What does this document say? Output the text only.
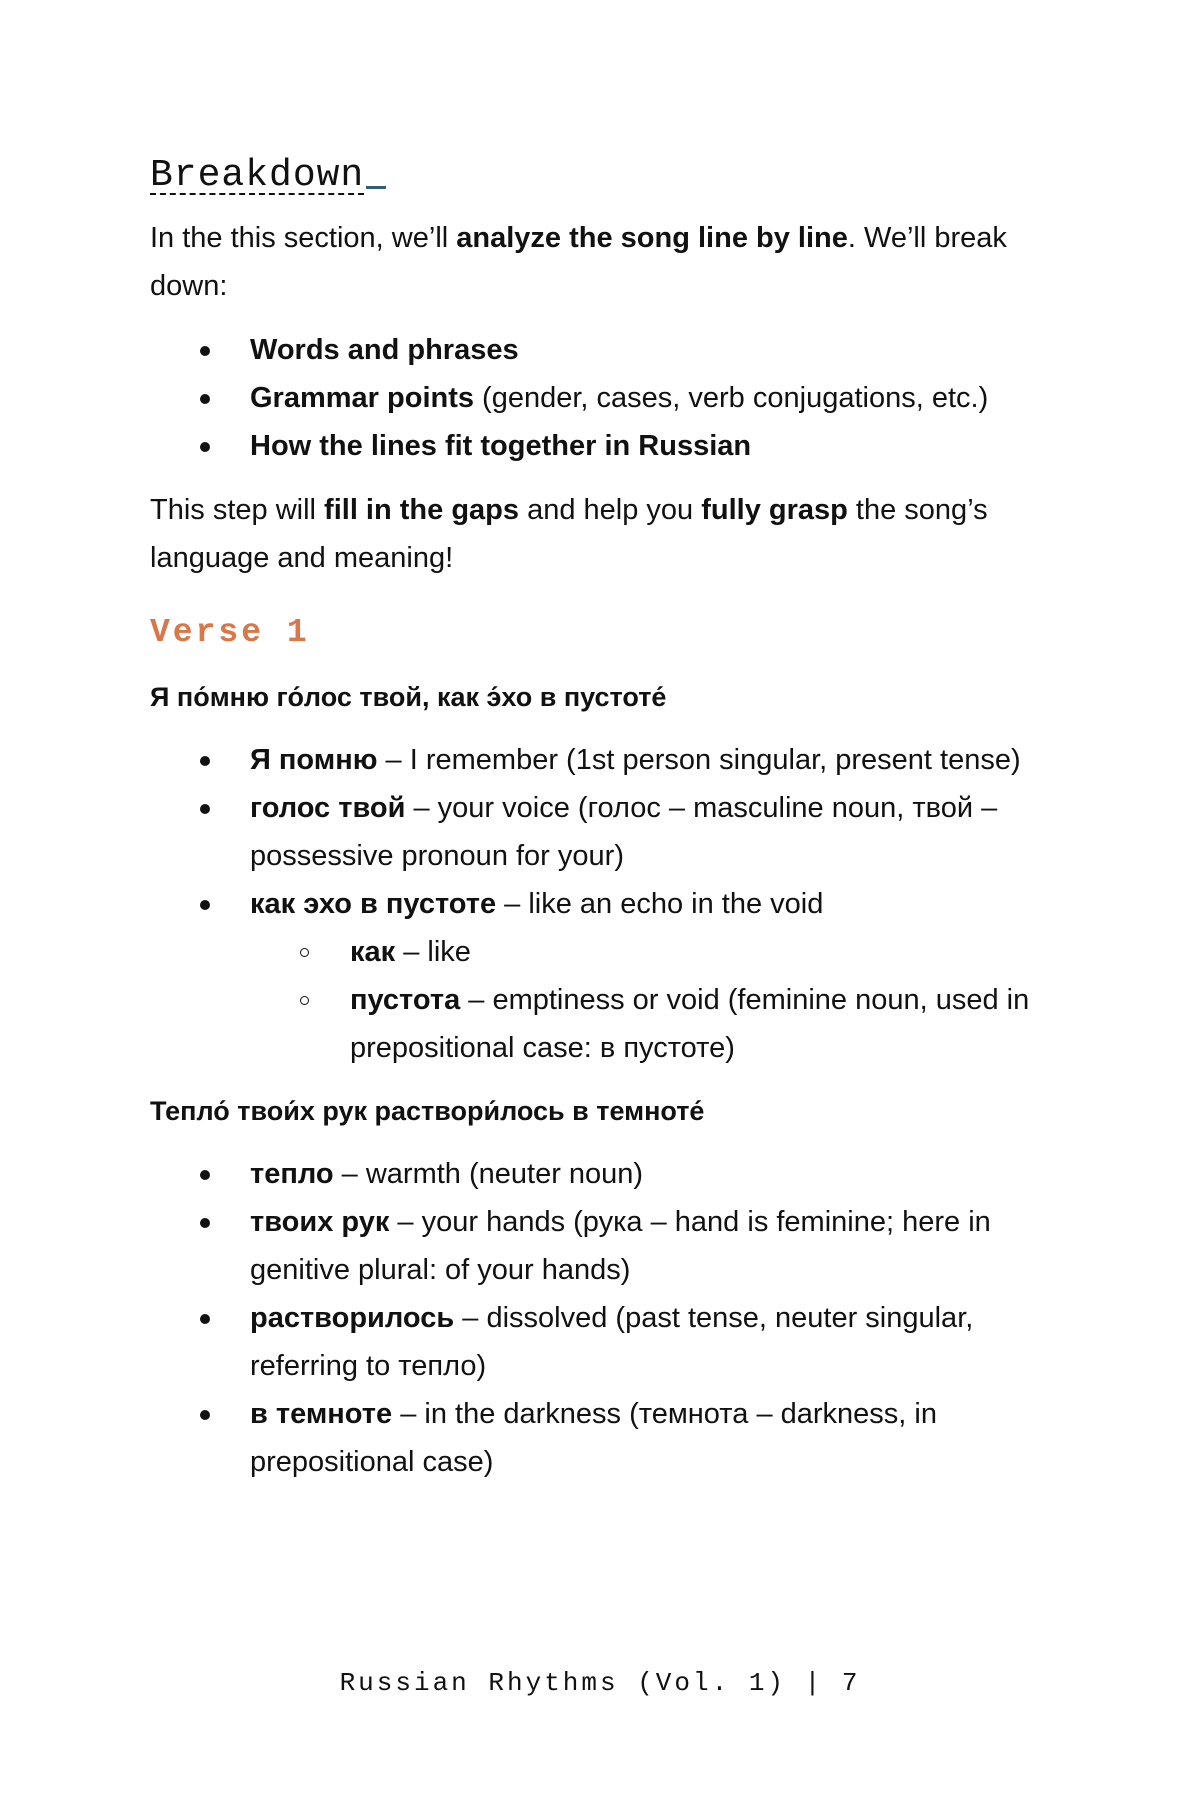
Breakdown

In the this section, we’ll analyze the song line by line. We’ll break down:

Words and phrases
Grammar points (gender, cases, verb conjugations, etc.)
How the lines fit together in Russian

This step will fill in the gaps and help you fully grasp the song’s language and meaning!

Verse 1

Я по́мню го́лос твой, как э́хо в пустоте́

Я помню – I remember (1st person singular, present tense)
голос твой – your voice (голос – masculine noun, твой – possessive pronoun for your)
как эхо в пустоте – like an echo in the void
как – like
пустота – emptiness or void (feminine noun, used in prepositional case: в пустоте)

Тепло́ твои́х рук раствори́лось в темноте́

тепло – warmth (neuter noun)
твоих рук – your hands (рука – hand is feminine; here in genitive plural: of your hands)
растворилось – dissolved (past tense, neuter singular, referring to тепло)
в темноте – in the darkness (темнота – darkness, in prepositional case)
Russian Rhythms (Vol. 1) | 7
